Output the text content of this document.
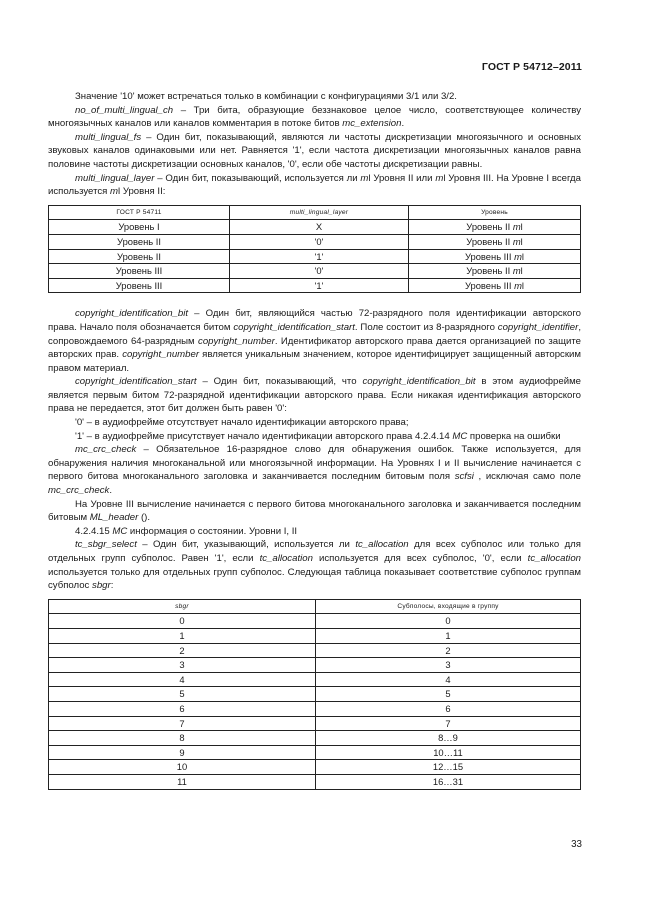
ГОСТ Р 54712–2011

Значение '10' может встречаться только в комбинации с конфигурациями 3/1 или 3/2.

no_of_multi_lingual_ch – Три бита, образующие беззнаковое целое число, соответствующее количеству многоязычных каналов или каналов комментария в потоке битов mc_extension.

multi_lingual_fs – Один бит, показывающий, являются ли частоты дискретизации многоязычного и основных звуковых каналов одинаковыми или нет. Равняется '1', если частота дискретизации многоязычных каналов равна половине частоты дискретизации основных каналов, '0', если обе частоты дискретизации равны.

multi_lingual_layer – Один бит, показывающий, используется ли ml Уровня II или ml Уровня III. На Уровне I всегда используется ml Уровня II:

ГОСТ Р 54711	multi_lingual_layer	Уровень
Уровень I	X	Уровень II ml
Уровень II	'0'	Уровень II ml
Уровень II	'1'	Уровень III ml
Уровень III	'0'	Уровень II ml
Уровень III	'1'	Уровень III ml

copyright_identification_bit – Один бит, являющийся частью 72-разрядного поля идентификации авторского права. Начало поля обозначается битом copyright_identification_start. Поле состоит из 8-разрядного copyright_identifier, сопровождаемого 64-разрядным copyright_number. Идентификатор авторского права дается организацией по защите авторских прав. copyright_number является уникальным значением, которое идентифицирует защищенный авторским правом материал.

copyright_identification_start – Один бит, показывающий, что copyright_identification_bit в этом аудиофрейме является первым битом 72-разрядной идентификации авторского права. Если никакая идентификация авторского права не передается, этот бит должен быть равен '0':

'0' – в аудиофрейме отсутствует начало идентификации авторского права;

'1' – в аудиофрейме присутствует начало идентификации авторского права 4.2.4.14 MC проверка на ошибки

mc_crc_check – Обязательное 16-разрядное слово для обнаружения ошибок. Также используется, для обнаружения наличия многоканальной или многоязычной информации. На Уровнях I и II вычисление начинается с первого битова многоканального заголовка и заканчивается последним битовым поля scfsi , исключая само поле mc_crc_check.

На Уровне III вычисление начинается с первого битова многоканального заголовка и заканчивается последним битовым ML_header ().

4.2.4.15 MC информация о состоянии. Уровни I, II

tc_sbgr_select – Один бит, указывающий, используется ли tc_allocation для всех субполос или только для отдельных групп субполос. Равен '1', если tc_allocation используется для всех субполос, '0', если tc_allocation используется только для отдельных групп субполос. Следующая таблица показывает соответствие субполос группам субполос sbgr:

sbgr	Субполосы, входящие в группу
0	0
1	1
2	2
3	3
4	4
5	5
6	6
7	7
8	8…9
9	10…11
10	12…15
11	16…31
33
